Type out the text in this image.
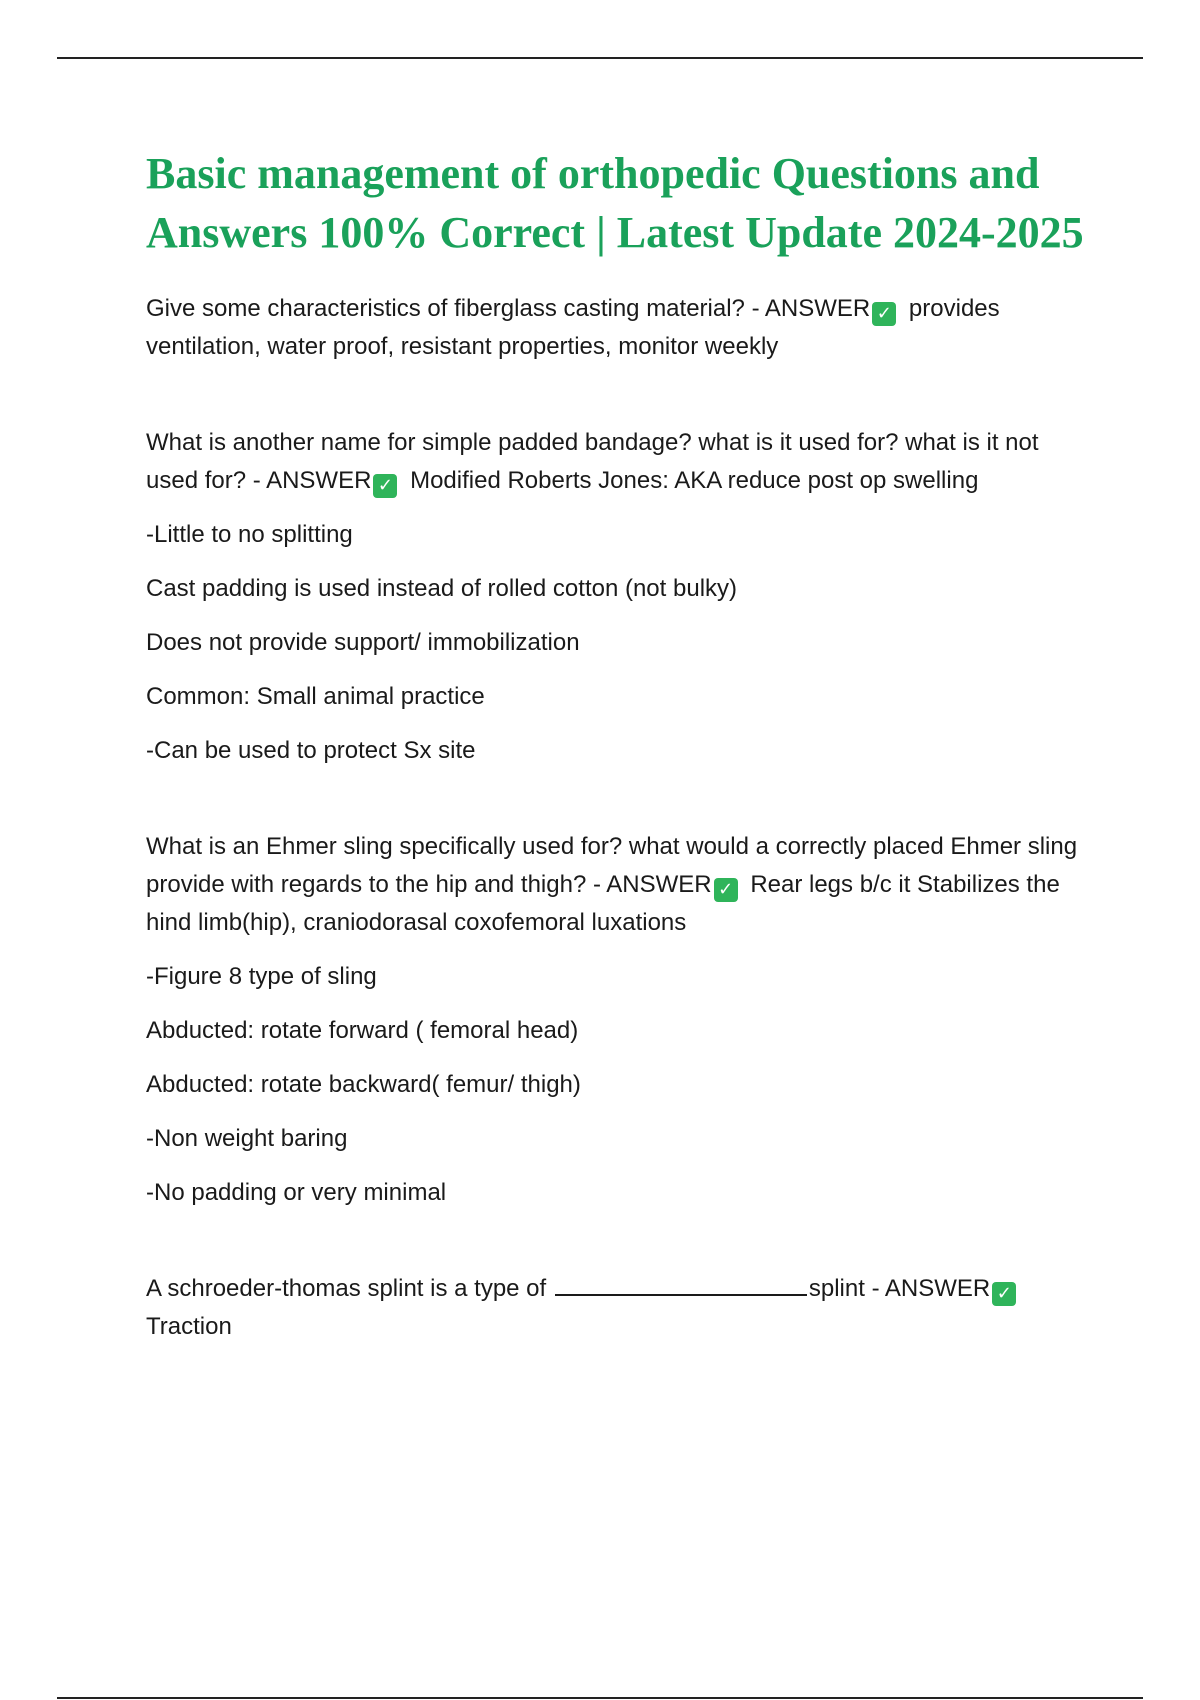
Basic management of orthopedic Questions and Answers 100% Correct | Latest Update 2024-2025

Give some characteristics of fiberglass casting material? - ANSWER ✓ provides ventilation, water proof, resistant properties, monitor weekly

What is another name for simple padded bandage? what is it used for? what is it not used for? - ANSWER ✓ Modified Roberts Jones: AKA reduce post op swelling

-Little to no splitting

Cast padding is used instead of rolled cotton (not bulky)

Does not provide support/ immobilization

Common: Small animal practice

-Can be used to protect Sx site

What is an Ehmer sling specifically used for? what would a correctly placed Ehmer sling provide with regards to the hip and thigh? - ANSWER ✓ Rear legs b/c it Stabilizes the hind limb(hip), craniodorasal coxofemoral luxations

-Figure 8 type of sling

Abducted: rotate forward ( femoral head)

Abducted: rotate backward( femur/ thigh)

-Non weight baring

-No padding or very minimal

A schroeder-thomas splint is a type of	splint - ANSWER ✓
Traction
